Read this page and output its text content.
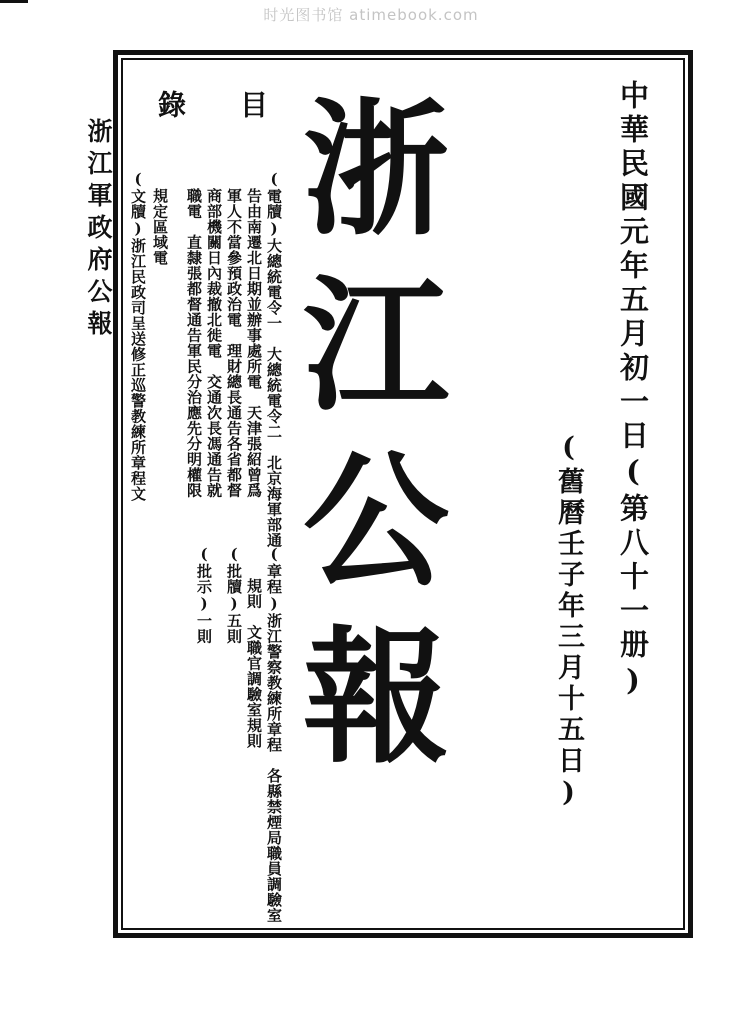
时光图书馆 atimebook.com
浙江軍政府公報
目
錄
(電牘)大總統電令一　大總統電令二　北京海軍部通
告由南遷北日期並辦事處所電　天津張紹曾爲
軍人不當參預政治電　理財總長通告各省都督
商部機關日內裁撤北徙電　交通次長馮通告就
職電　直隸張都督通告軍民分治應先分明權限
規定區域電
(文牘)浙江民政司呈送修正巡警教練所章程文
(章程)浙江警察教練所章程　各縣禁煙局職員調驗室
規則　文職官調驗室規則
(批牘)五則
(批示)一則 浙江公報	中華民國元年五月初一日(第八十一册)
(舊曆壬子年三月十五日)
